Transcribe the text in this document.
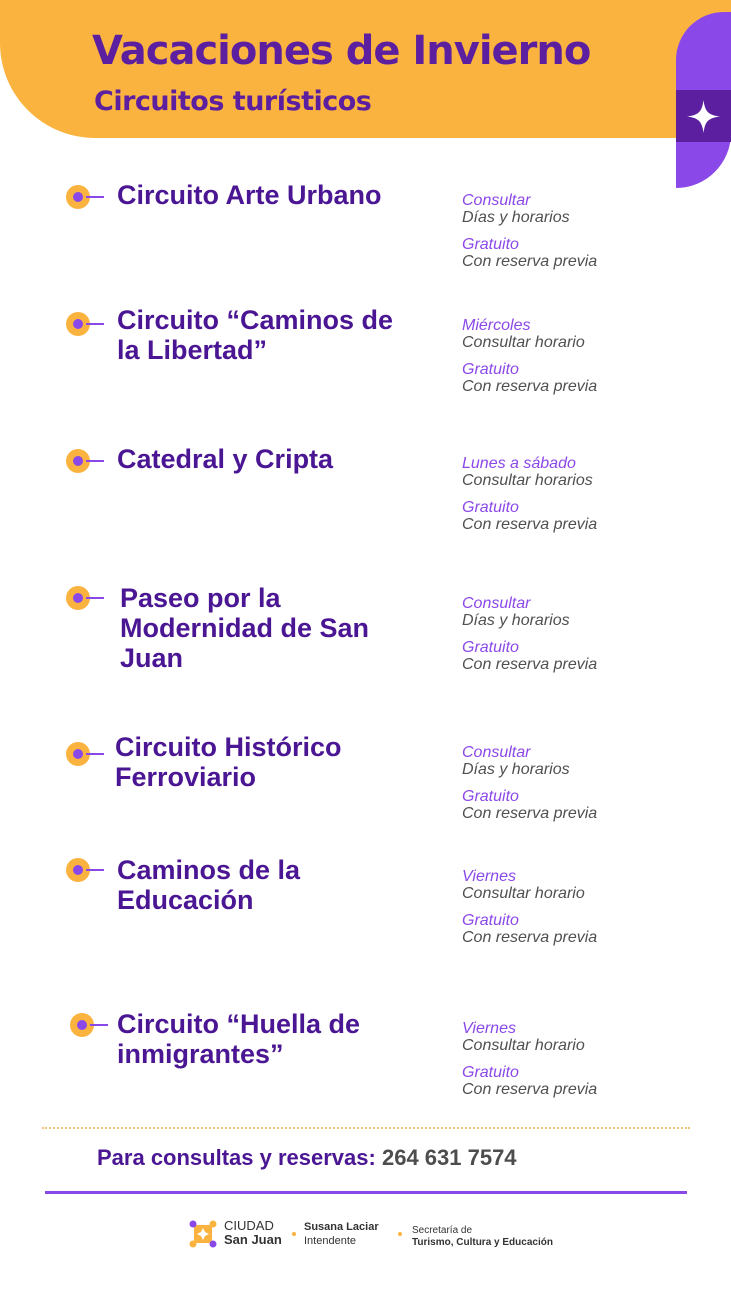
Vacaciones de Invierno
Circuitos turísticos
Circuito Arte Urbano	Consultar
Días y horarios
Gratuito
Con reserva previa
Circuito “Caminos de la Libertad”
Miércoles
Consultar horario
Gratuito
Con reserva previa
Catedral y Cripta	Lunes a sábado
Consultar horarios
Gratuito
Con reserva previa
Paseo por la Modernidad de San Juan
Consultar
Días y horarios
Gratuito
Con reserva previa
Circuito Histórico Ferroviario
Consultar
Días y horarios
Gratuito
Con reserva previa
Caminos de la Educación
Viernes
Consultar horario
Gratuito
Con reserva previa
Circuito “Huella de inmigrantes”
Viernes
Consultar horario
Gratuito
Con reserva previa
Para consultas y reservas: 264 631 7574
CIUDAD
San Juan
Susana Laciar
Intendente
Secretaría de
Turismo, Cultura y Educación
